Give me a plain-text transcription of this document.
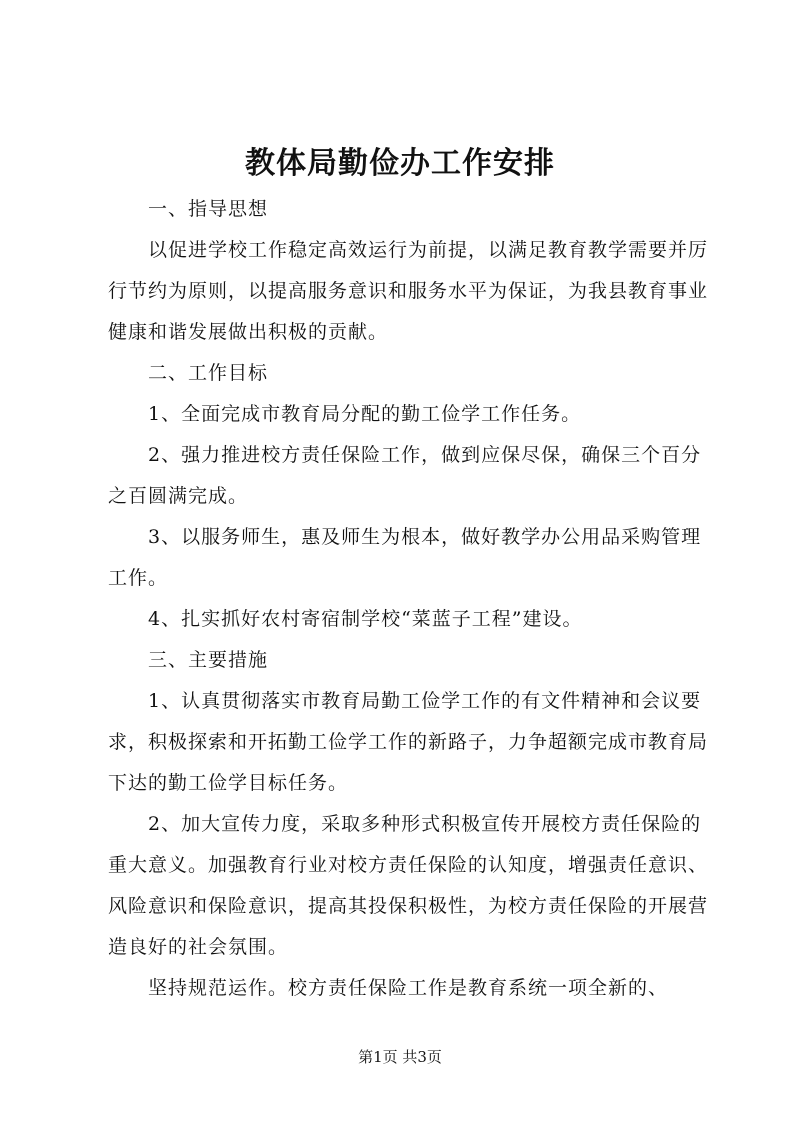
教体局勤俭办工作安排

一、指导思想

以促进学校工作稳定高效运行为前提，以满足教育教学需要并厉行节约为原则，以提高服务意识和服务水平为保证，为我县教育事业健康和谐发展做出积极的贡献。

二、工作目标

1、全面完成市教育局分配的勤工俭学工作任务。

2、强力推进校方责任保险工作，做到应保尽保，确保三个百分之百圆满完成。

3、以服务师生，惠及师生为根本，做好教学办公用品采购管理工作。

4、扎实抓好农村寄宿制学校“菜蓝子工程”建设。

三、主要措施

1、认真贯彻落实市教育局勤工俭学工作的有文件精神和会议要求，积极探索和开拓勤工俭学工作的新路子，力争超额完成市教育局下达的勤工俭学目标任务。

2、加大宣传力度，采取多种形式积极宣传开展校方责任保险的重大意义。加强教育行业对校方责任保险的认知度，增强责任意识、风险意识和保险意识，提高其投保积极性，为校方责任保险的开展营造良好的社会氛围。

坚持规范运作。校方责任保险工作是教育系统一项全新的、

第1页 共3页
